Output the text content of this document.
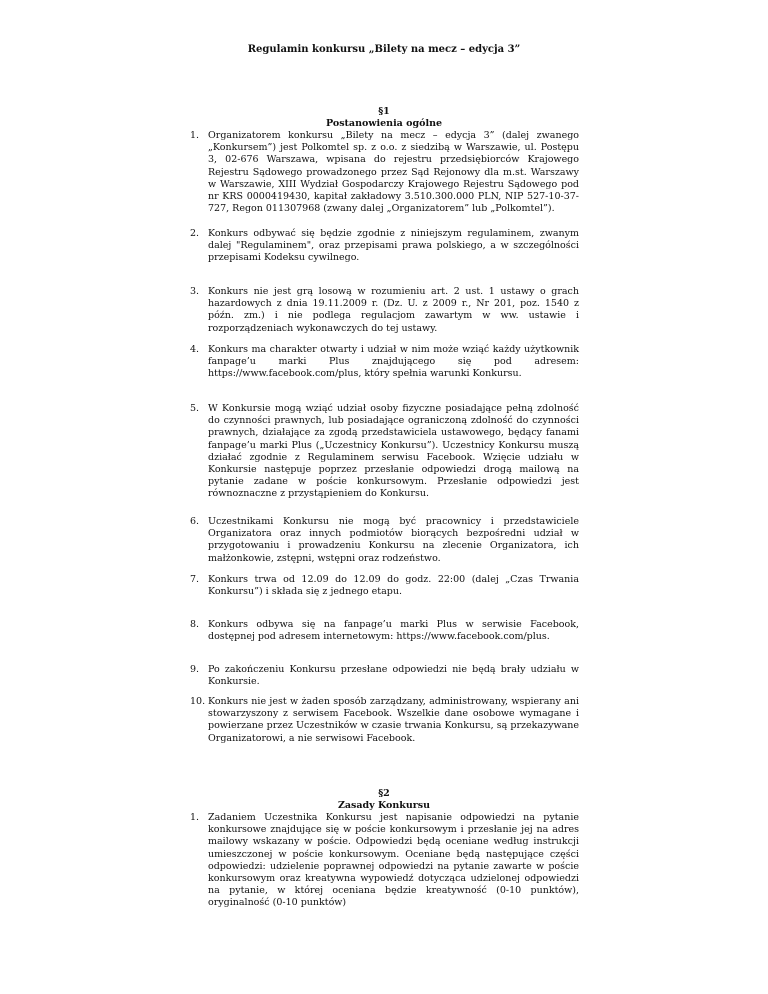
Regulamin konkursu „Bilety na mecz – edycja 3”
§1
Postanowienia ogólne
1. Organizatorem konkursu „Bilety na mecz – edycja 3” (dalej zwanego „Konkursem”) jest Polkomtel sp. z o.o. z siedzibą w Warszawie, ul. Postępu 3, 02-676 Warszawa, wpisana do rejestru przedsiębiorców Krajowego Rejestru Sądowego prowadzonego przez Sąd Rejonowy dla m.st. Warszawy w Warszawie, XIII Wydział Gospodarczy Krajowego Rejestru Sądowego pod nr KRS 0000419430, kapitał zakładowy 3.510.300.000 PLN, NIP 527-10-37-727, Regon 011307968 (zwany dalej „Organizatorem” lub „Polkomtel”).
2. Konkurs odbywać się będzie zgodnie z niniejszym regulaminem, zwanym dalej "Regulaminem", oraz przepisami prawa polskiego, a w szczególności przepisami Kodeksu cywilnego.
3. Konkurs nie jest grą losową w rozumieniu art. 2 ust. 1 ustawy o grach hazardowych z dnia 19.11.2009 r. (Dz. U. z 2009 r., Nr 201, poz. 1540 z późn. zm.) i nie podlega regulacjom zawartym w ww. ustawie i rozporządzeniach wykonawczych do tej ustawy.
4. Konkurs ma charakter otwarty i udział w nim może wziąć każdy użytkownik fanpage’u marki Plus znajdującego się pod adresem: https://www.facebook.com/plus, który spełnia warunki Konkursu.
5. W Konkursie mogą wziąć udział osoby fizyczne posiadające pełną zdolność do czynności prawnych, lub posiadające ograniczoną zdolność do czynności prawnych, działające za zgodą przedstawiciela ustawowego, będący fanami fanpage’u marki Plus („Uczestnicy Konkursu”). Uczestnicy Konkursu muszą działać zgodnie z Regulaminem serwisu Facebook. Wzięcie udziału w Konkursie następuje poprzez przesłanie odpowiedzi drogą mailową na pytanie zadane w poście konkursowym. Przesłanie odpowiedzi jest równoznaczne z przystąpieniem do Konkursu.
6. Uczestnikami Konkursu nie mogą być pracownicy i przedstawiciele Organizatora oraz innych podmiotów biorących bezpośredni udział w przygotowaniu i prowadzeniu Konkursu na zlecenie Organizatora, ich małżonkowie, zstępni, wstępni oraz rodzeństwo.
7. Konkurs trwa od 12.09 do 12.09 do godz. 22:00 (dalej „Czas Trwania Konkursu”) i składa się z jednego etapu.
8. Konkurs odbywa się na fanpage’u marki Plus w serwisie Facebook, dostępnej pod adresem internetowym: https://www.facebook.com/plus.
9. Po zakończeniu Konkursu przesłane odpowiedzi nie będą brały udziału w Konkursie.
10. Konkurs nie jest w żaden sposób zarządzany, administrowany, wspierany ani stowarzyszony z serwisem Facebook. Wszelkie dane osobowe wymagane i powierzane przez Uczestników w czasie trwania Konkursu, są przekazywane Organizatorowi, a nie serwisowi Facebook.
§2
Zasady Konkursu
1. Zadaniem Uczestnika Konkursu jest napisanie odpowiedzi na pytanie konkursowe znajdujące się w poście konkursowym i przesłanie jej na adres mailowy wskazany w poście. Odpowiedzi będą oceniane według instrukcji umieszczonej w poście konkursowym. Oceniane będą następujące części odpowiedzi: udzielenie poprawnej odpowiedzi na pytanie zawarte w poście konkursowym oraz kreatywna wypowiedź dotycząca udzielonej odpowiedzi na pytanie, w której oceniana będzie kreatywność (0-10 punktów), oryginalność (0-10 punktów)
